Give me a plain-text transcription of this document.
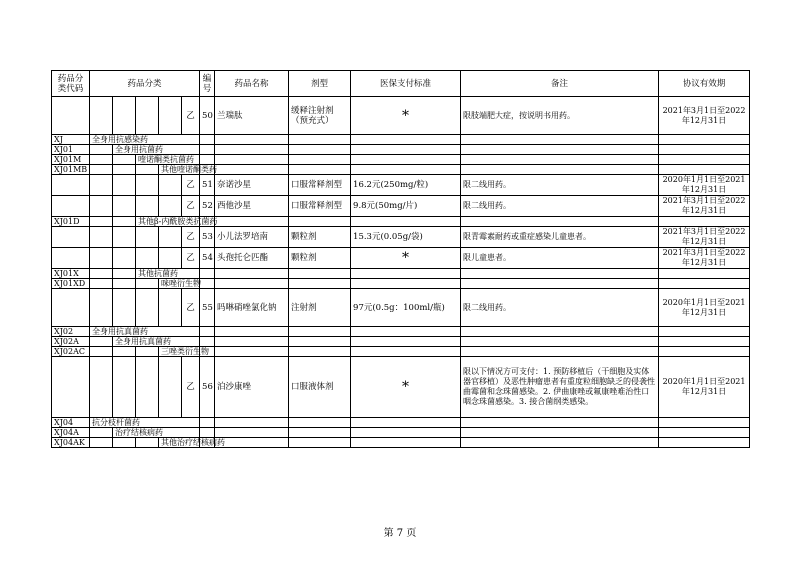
药品分类代码	药品分类					编号	药品名称	剂型	医保支付标准	备注	协议有效期
					乙	50	兰瑞肽	缓释注射剂（预充式）	*	限肢端肥大症，按说明书用药。	2021年3月1日至2022年12月31日
XJ	全身用抗感染药										
XJ01		全身用抗菌药									
XJ01M			喹诺酮类抗菌药								
XJ01MB				其他喹诺酮类药							
					乙	51	奈诺沙星	口服常释剂型	16.2元(250mg/粒)	限二线用药。	2020年1月1日至2021年12月31日
					乙	52	西他沙星	口服常释剂型	9.8元(50mg/片)	限二线用药。	2021年3月1日至2022年12月31日
XJ01D			其他β-内酰胺类抗菌药								
					乙	53	小儿法罗培南	颗粒剂	15.3元(0.05g/袋)	限青霉素耐药或重症感染儿童患者。	2021年3月1日至2022年12月31日
					乙	54	头孢托仑匹酯	颗粒剂	*	限儿童患者。	2021年3月1日至2022年12月31日
XJ01X			其他抗菌药								
XJ01XD				咪唑衍生物							
					乙	55	吗啉硝唑氯化钠	注射剂	97元(0.5g：100ml/瓶)	限二线用药。	2020年1月1日至2021年12月31日
XJ02	全身用抗真菌药										
XJ02A		全身用抗真菌药									
XJ02AC				三唑类衍生物							
					乙	56	泊沙康唑	口服液体剂	*	限以下情况方可支付：1. 预防移植后（干细胞及实体器官移植）及恶性肿瘤患者有重度粒细胞缺乏的侵袭性曲霉菌和念珠菌感染。2. 伊曲康唑或氟康唑难治性口咽念珠菌感染。3. 接合菌纲类感染。	2020年1月1日至2021年12月31日
XJ04	抗分枝杆菌药										
XJ04A		治疗结核病药									
XJ04AK				其他治疗结核病药							
第 7 页
